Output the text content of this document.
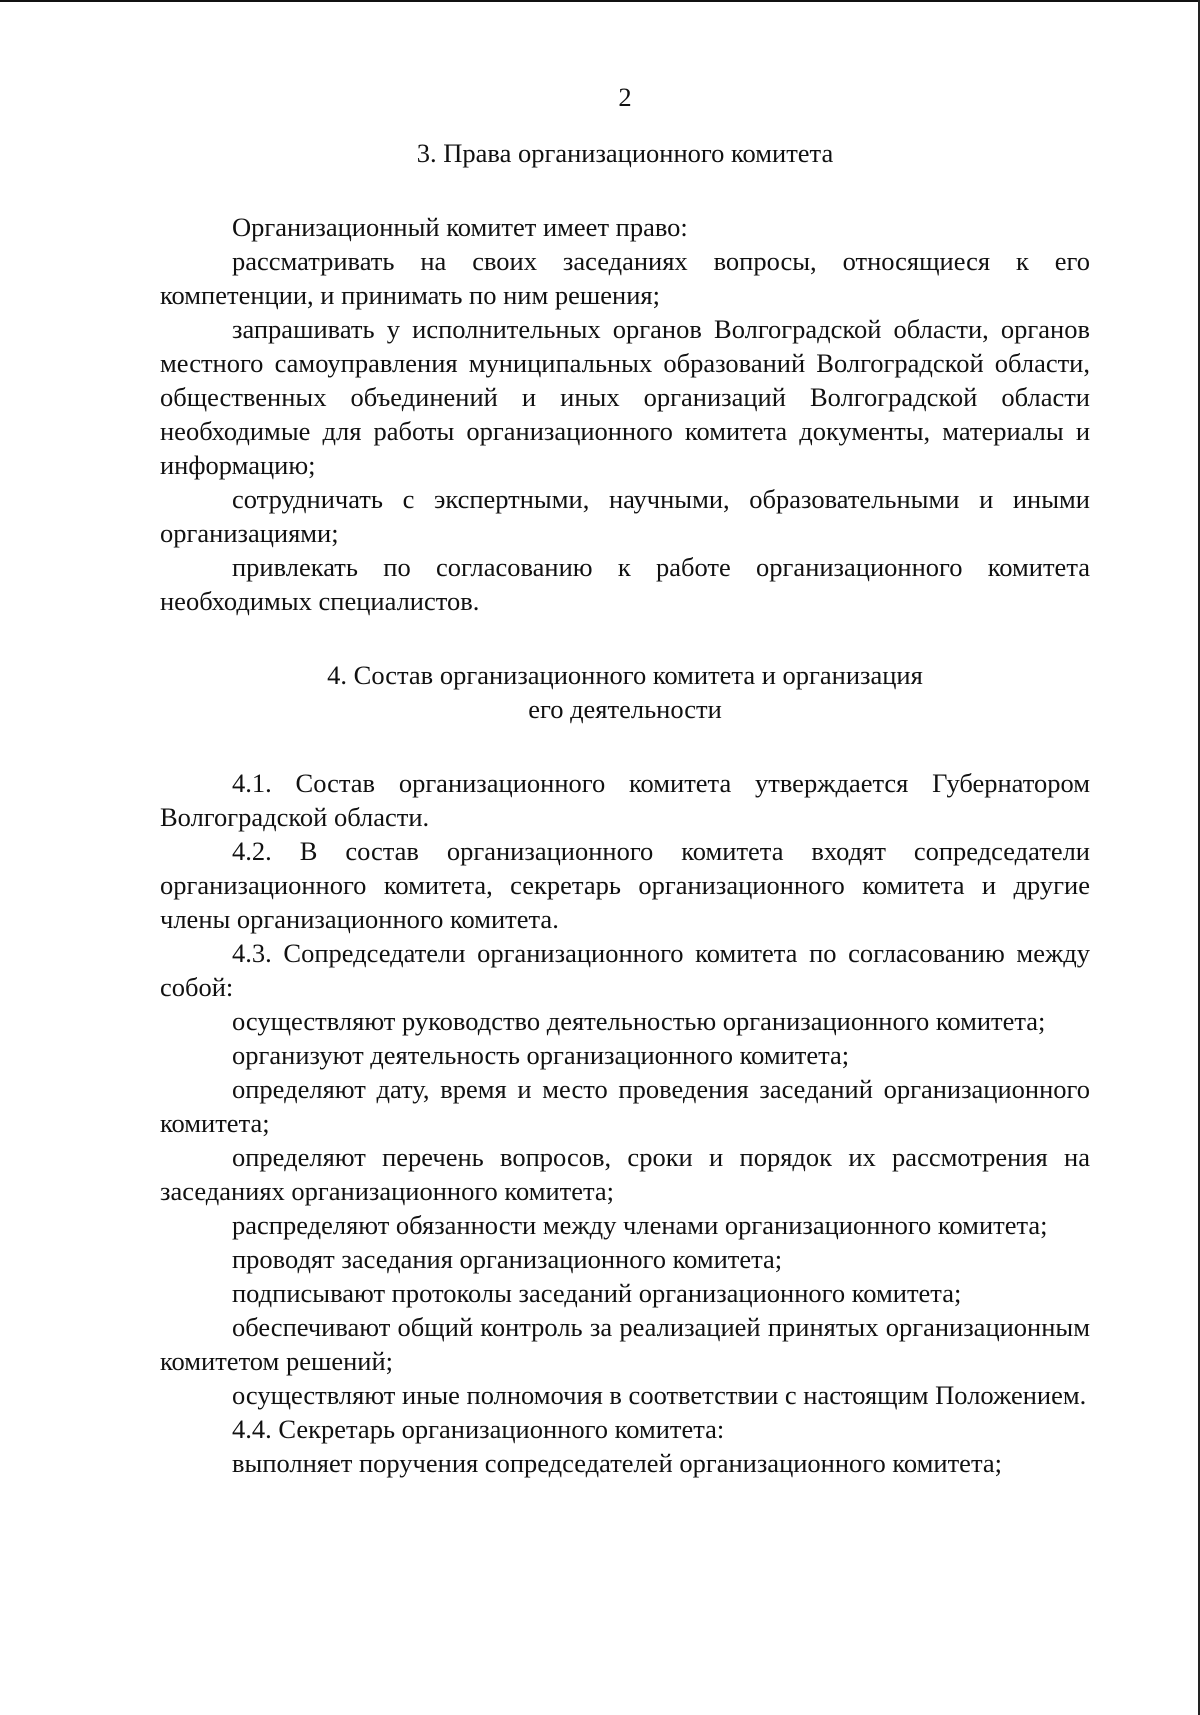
2

3. Права организационного комитета

Организационный комитет имеет право:

рассматривать на своих заседаниях вопросы, относящиеся к его компетенции, и принимать по ним решения;

запрашивать у исполнительных органов Волгоградской области, органов местного самоуправления муниципальных образований Волгоградской области, общественных объединений и иных организаций Волгоградской области необходимые для работы организационного комитета документы, материалы и информацию;

сотрудничать с экспертными, научными, образовательными и иными организациями;

привлекать по согласованию к работе организационного комитета необходимых специалистов.

4. Состав организационного комитета и организация
его деятельности

4.1. Состав организационного комитета утверждается Губернатором Волгоградской области.

4.2. В состав организационного комитета входят сопредседатели организационного комитета, секретарь организационного комитета и другие члены организационного комитета.

4.3. Сопредседатели организационного комитета по согласованию между собой:

осуществляют руководство деятельностью организационного комитета;

организуют деятельность организационного комитета;

определяют дату, время и место проведения заседаний организационного комитета;

определяют перечень вопросов, сроки и порядок их рассмотрения на заседаниях организационного комитета;

распределяют обязанности между членами организационного комитета;

проводят заседания организационного комитета;

подписывают протоколы заседаний организационного комитета;

обеспечивают общий контроль за реализацией принятых организационным комитетом решений;

осуществляют иные полномочия в соответствии с настоящим Положением.

4.4. Секретарь организационного комитета:

выполняет поручения сопредседателей организационного комитета;
